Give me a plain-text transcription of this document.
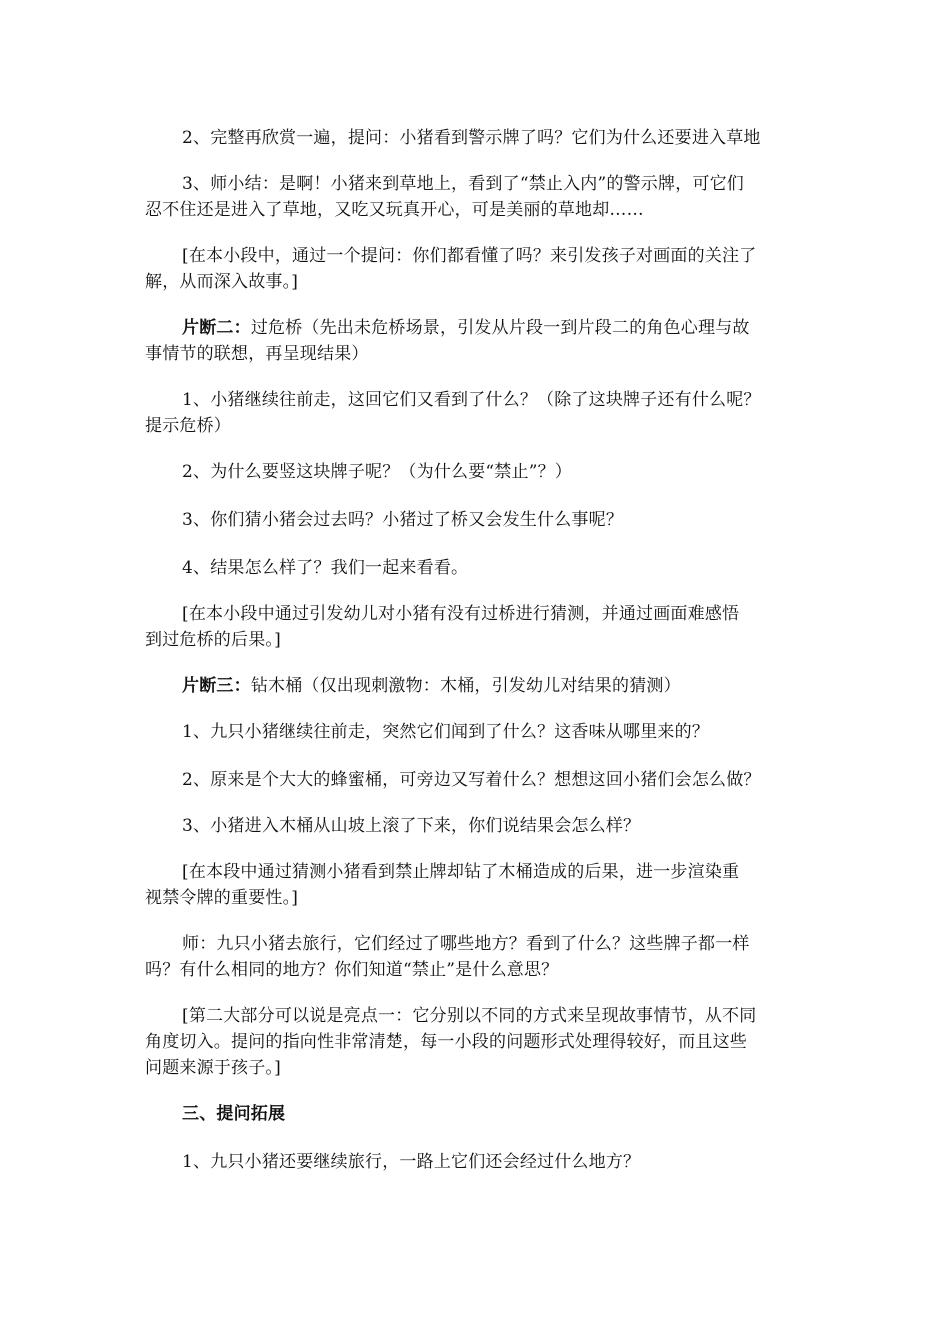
2、完整再欣赏一遍，提问：小猪看到警示牌了吗？它们为什么还要进入草地

3、师小结：是啊！小猪来到草地上，看到了“禁止入内”的警示牌，可它们
忍不住还是进入了草地，又吃又玩真开心，可是美丽的草地却……

[在本小段中，通过一个提问：你们都看懂了吗？来引发孩子对画面的关注了
解，从而深入故事。]

片断二：过危桥（先出未危桥场景，引发从片段一到片段二的角色心理与故
事情节的联想，再呈现结果）

1、小猪继续往前走，这回它们又看到了什么？（除了这块牌子还有什么呢？
提示危桥）

2、为什么要竖这块牌子呢？（为什么要“禁止”？）

3、你们猜小猪会过去吗？小猪过了桥又会发生什么事呢？

4、结果怎么样了？我们一起来看看。

[在本小段中通过引发幼儿对小猪有没有过桥进行猜测，并通过画面难感悟
到过危桥的后果。]

片断三：钻木桶（仅出现刺激物：木桶，引发幼儿对结果的猜测）

1、九只小猪继续往前走，突然它们闻到了什么？这香味从哪里来的？

2、原来是个大大的蜂蜜桶，可旁边又写着什么？想想这回小猪们会怎么做？

3、小猪进入木桶从山坡上滚了下来，你们说结果会怎么样？

[在本段中通过猜测小猪看到禁止牌却钻了木桶造成的后果，进一步渲染重
视禁令牌的重要性。]

师：九只小猪去旅行，它们经过了哪些地方？看到了什么？这些牌子都一样
吗？有什么相同的地方？你们知道“禁止”是什么意思？

[第二大部分可以说是亮点一：它分别以不同的方式来呈现故事情节，从不同
角度切入。提问的指向性非常清楚，每一小段的问题形式处理得较好，而且这些
问题来源于孩子。]

三、提问拓展

1、九只小猪还要继续旅行，一路上它们还会经过什么地方？
